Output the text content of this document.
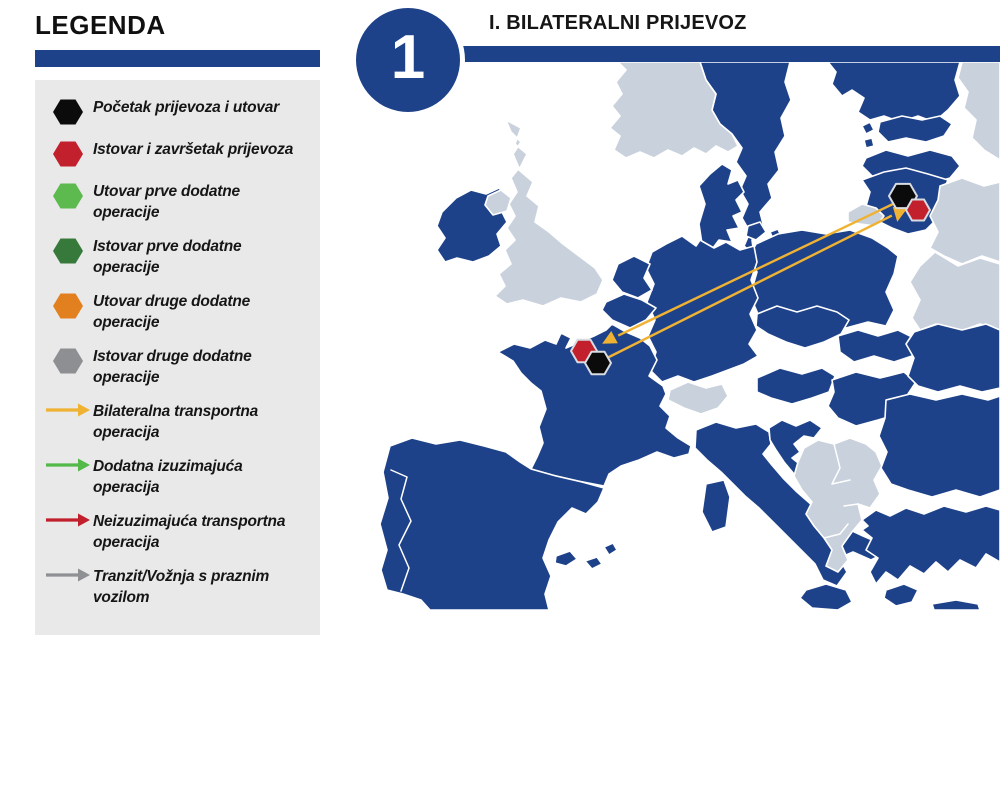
LEGENDA
Početak prijevoza i utovar
Istovar i završetak prijevoza
Utovar prve dodatne operacije
Istovar prve dodatne operacije
Utovar druge dodatne operacije
Istovar druge dodatne operacije
Bilateralna transportna operacija
Dodatna izuzimajuća operacija
Neizuzimajuća transportna operacija
Tranzit/Vožnja s praznim vozilom
I. BILATERALNI PRIJEVOZ
1
